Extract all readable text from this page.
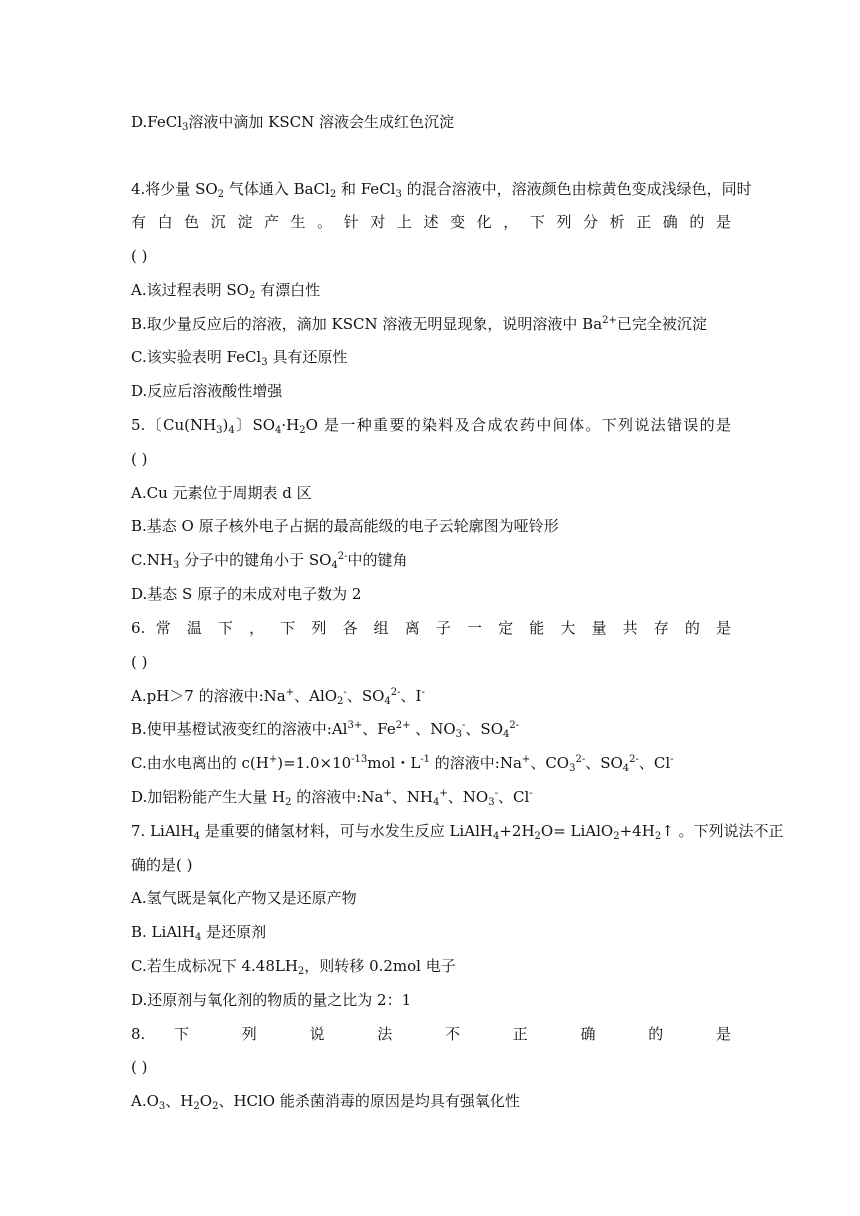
D.FeCl$_3$溶液中滴加 KSCN 溶液会生成红色沉淀
4.将少量 $SO_2$ 气体通入 BaCl$_2$ 和 FeCl$_3$ 的混合溶液中，溶液颜色由棕黄色变成浅绿色，同时
有白色沉淀产生。针对上述变化，下列分析正确的是
( )
A.该过程表明 $SO_2$ 有漂白性
B.取少量反应后的溶液，滴加 KSCN 溶液无明显现象，说明溶液中 $Ba^{2+}$已完全被沉淀
C.该实验表明 FeCl$_3$ 具有还原性
D.反应后溶液酸性增强
5.〔$Cu(NH_3)_4$〕$SO_4\cdot H_2O$ 是一种重要的染料及合成农药中间体。下列说法错误的是
( )
A.Cu 元素位于周期表 d 区
B.基态 O 原子核外电子占据的最高能级的电子云轮廓图为哑铃形
$C.NH_3$ 分子中的键角小于 $SO_4^{2-}$中的键角
D.基态 S 原子的未成对电子数为 2
6. 常 温 下 ， 下 列 各 组 离 子 一 定 能 大 量 共 存 的 是
( )
A.pH＞7 的溶液中:Na+、AlO$_2$-、$SO_4^{2-}$、I-
B.使甲基橙试液变红的溶液中$:Al^{3+}$、$Fe^{2+}$ 、$NO_3^-$、$SO_4^{2-}$
C.由水电离出的 $c(H^+)=1.0\times 10^{-13}mol$・$L^{-1}$ 的溶液中:Na+、$CO_3^{2-}$、$SO_4^{2-}$、Cl-
D.加铝粉能产生大量 $H_2$ 的溶液中:Na+、$NH_4^+$、$NO_3^-$、Cl-
7. LiAlH$_4$ 是重要的储氢材料，可与水发生反应 $LiAlH_4+2H_2O=$ $LiAlO_2+4H_2↑$ 。下列说法不正
确的是( )
A.氢气既是氧化产物又是还原产物
B. LiAlH$_4$ 是还原剂
C.若生成标况下 $4.48LH_2$，则转移 0.2mol 电子
D.还原剂与氧化剂的物质的量之比为 2：1
8. 下 列 说 法 不 正 确 的 是
( )
$A.O_3$、$H_2O_2$、HClO 能杀菌消毒的原因是均具有强氧化性
